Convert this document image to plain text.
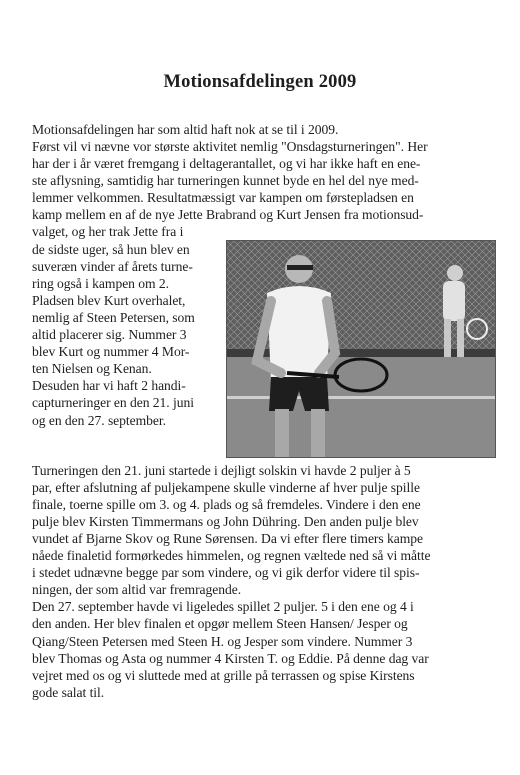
Motionsafdelingen 2009
Motionsafdelingen har som altid haft nok at se til i 2009.
Først vil vi nævne vor største aktivitet nemlig "Onsdagsturneringen". Her
har der i år været fremgang i deltagerantallet, og vi har ikke haft en ene-
ste aflysning, samtidig har turneringen kunnet byde en hel del nye med-
lemmer velkommen. Resultatmæssigt var kampen om førstepladsen en
kamp mellem en af de nye Jette Brabrand og Kurt Jensen fra motionsud-
valget, og her trak Jette fra i
de sidste uger, så hun blev en
suveræn vinder af årets turne-
ring også i kampen om 2.
Pladsen blev Kurt overhalet,
nemlig af Steen Petersen, som
altid placerer sig. Nummer 3
blev Kurt og nummer 4 Mor-
ten Nielsen og Kenan.
Desuden har vi haft 2 handi-
capturneringer en den 21. juni
og en den 27. september.
Turneringen den 21. juni startede i dejligt solskin vi havde 2 puljer à 5
par, efter afslutning af puljekampene skulle vinderne af hver pulje spille
finale, toerne spille om 3. og 4. plads og så fremdeles. Vindere i den ene
pulje blev Kirsten Timmermans og John Dühring. Den anden pulje blev
vundet af Bjarne Skov og Rune Sørensen. Da vi efter flere timers kampe
nåede finaletid formørkedes himmelen, og regnen væltede ned så vi måtte
i stedet udnævne begge par som vindere, og vi gik derfor videre til spis-
ningen, der som altid var fremragende.
Den 27. september havde vi ligeledes spillet 2 puljer. 5 i den ene og 4 i
den anden. Her blev finalen et opgør mellem Steen Hansen/ Jesper og
Qiang/Steen Petersen med Steen H. og Jesper som vindere. Nummer 3
blev Thomas og Asta og nummer 4 Kirsten T. og Eddie. På denne dag var
vejret med os og vi sluttede med at grille på terrassen og spise Kirstens
gode salat til.
